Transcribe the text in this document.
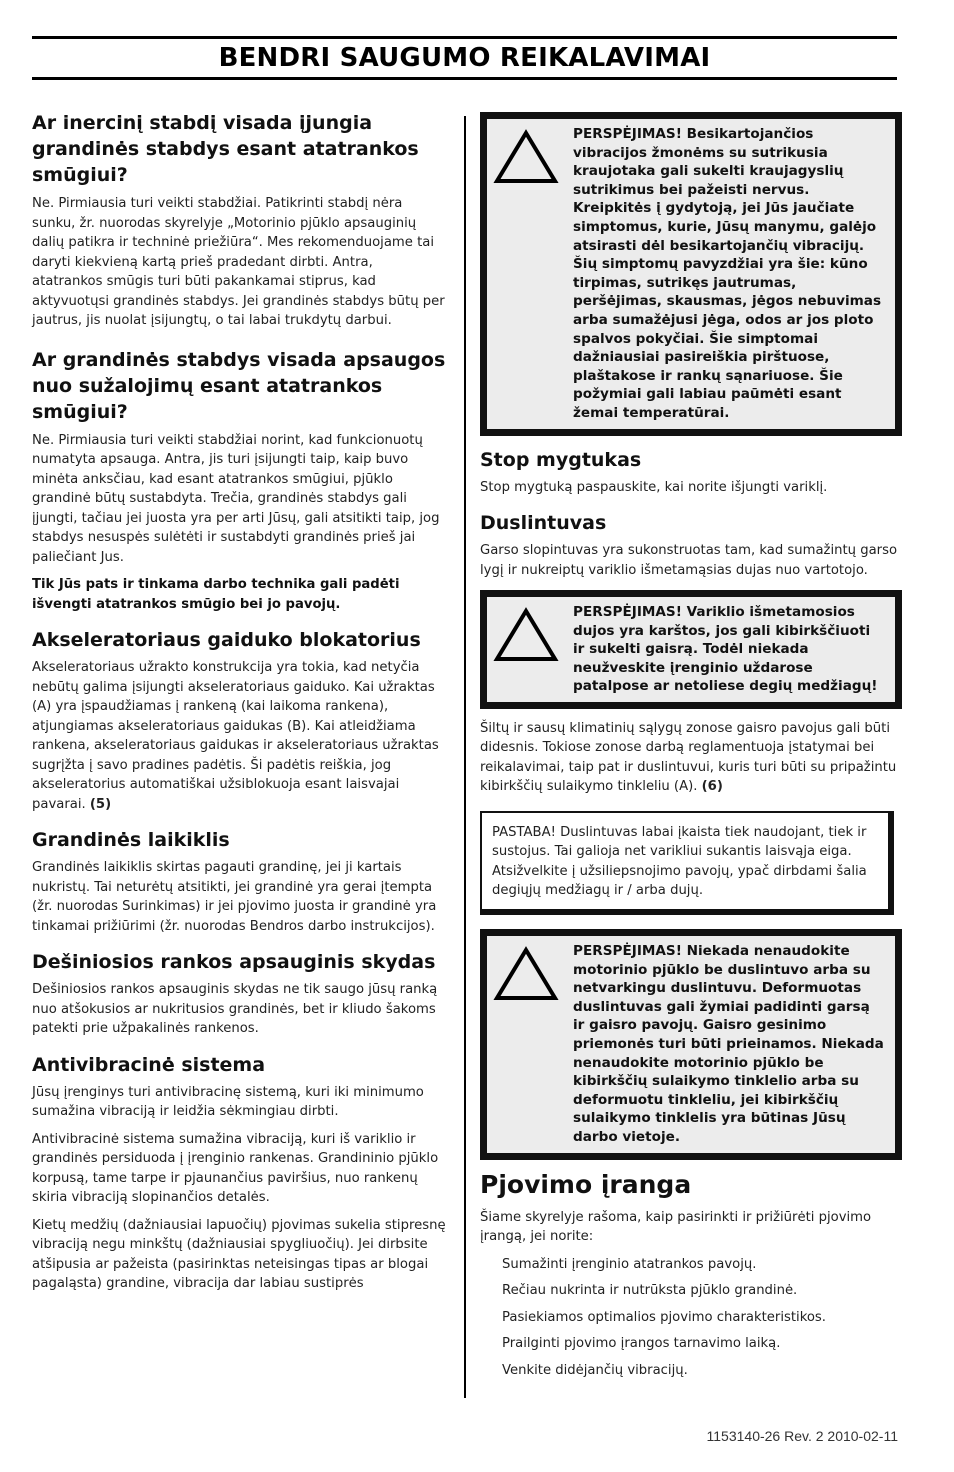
BENDRI SAUGUMO REIKALAVIMAI
Ar inercinį stabdį visada įjungia grandinės stabdys esant atatrankos smūgiui?

Ne. Pirmiausia turi veikti stabdžiai. Patikrinti stabdį nėra sunku, žr. nuorodas skyrelyje „Motorinio pjūklo apsauginių dalių patikra ir techninė priežiūra“. Mes rekomenduojame tai daryti kiekvieną kartą prieš pradedant dirbti. Antra, atatrankos smūgis turi būti pakankamai stiprus, kad aktyvuotųsi grandinės stabdys. Jei grandinės stabdys būtų per jautrus, jis nuolat įsijungtų, o tai labai trukdytų darbui.

Ar grandinės stabdys visada apsaugos nuo sužalojimų esant atatrankos smūgiui?

Ne. Pirmiausia turi veikti stabdžiai norint, kad funkcionuotų numatyta apsauga. Antra, jis turi įsijungti taip, kaip buvo minėta anksčiau, kad esant atatrankos smūgiui, pjūklo grandinė būtų sustabdyta. Trečia, grandinės stabdys gali įjungti, tačiau jei juosta yra per arti Jūsų, gali atsitikti taip, jog stabdys nesuspės sulėtėti ir sustabdyti grandinės prieš jai paliečiant Jus.

Tik Jūs pats ir tinkama darbo technika gali padėti išvengti atatrankos smūgio bei jo pavojų.

Akseleratoriaus gaiduko blokatorius

Akseleratoriaus užrakto konstrukcija yra tokia, kad netyčia nebūtų galima įsijungti akseleratoriaus gaiduko. Kai užraktas (A) yra įspaudžiamas į rankeną (kai laikoma rankena), atjungiamas akseleratoriaus gaidukas (B). Kai atleidžiama rankena, akseleratoriaus gaidukas ir akseleratoriaus užraktas sugrįžta į savo pradines padėtis. Ši padėtis reiškia, jog akseleratorius automatiškai užsiblokuoja esant laisvajai pavarai. (5)

Grandinės laikiklis

Grandinės laikiklis skirtas pagauti grandinę, jei ji kartais nukristų. Tai neturėtų atsitikti, jei grandinė yra gerai įtempta (žr. nuorodas Surinkimas) ir jei pjovimo juosta ir grandinė yra tinkamai prižiūrimi (žr. nuorodas Bendros darbo instrukcijos).

Dešiniosios rankos apsauginis skydas

Dešiniosios rankos apsauginis skydas ne tik saugo jūsų ranką nuo atšokusios ar nukritusios grandinės, bet ir kliudo šakoms patekti prie užpakalinės rankenos.

Antivibracinė sistema

Jūsų įrenginys turi antivibracinę sistemą, kuri iki minimumo sumažina vibraciją ir leidžia sėkmingiau dirbti.

Antivibracinė sistema sumažina vibraciją, kuri iš variklio ir grandinės persiduoda į įrenginio rankenas. Grandininio pjūklo korpusą, tame tarpe ir pjaunančius paviršius, nuo rankenų skiria vibraciją slopinančios detalės.

Kietų medžių (dažniausiai lapuočių) pjovimas sukelia stipresnę vibraciją negu minkštų (dažniausiai spygliuočių). Jei dirbsite atšipusia ar pažeista (pasirinktas neteisingas tipas ar blogai pagaląsta) grandine, vibracija dar labiau sustiprės

PERSPĖJIMAS! Besikartojančios vibracijos žmonėms su sutrikusia kraujotaka gali sukelti kraujagyslių sutrikimus bei pažeisti nervus. Kreipkitės į gydytoją, jei Jūs jaučiate simptomus, kurie, Jūsų manymu, galėjo atsirasti dėl besikartojančių vibracijų. Šių simptomų pavyzdžiai yra šie: kūno tirpimas, sutrikęs jautrumas, peršėjimas, skausmas, jėgos nebuvimas arba sumažėjusi jėga, odos ar jos ploto spalvos pokyčiai. Šie simptomai dažniausiai pasireiškia pirštuose, plaštakose ir rankų sąnariuose. Šie požymiai gali labiau paūmėti esant žemai temperatūrai.
Stop mygtukas

Stop mygtuką paspauskite, kai norite išjungti variklį.

Duslintuvas

Garso slopintuvas yra sukonstruotas tam, kad sumažintų garso lygį ir nukreiptų variklio išmetamąsias dujas nuo vartotojo.

PERSPĖJIMAS! Variklio išmetamosios dujos yra karštos, jos gali kibirkščiuoti ir sukelti gaisrą. Todėl niekada neužveskite įrenginio uždarose patalpose ar netoliese degių medžiagų!

Šiltų ir sausų klimatinių sąlygų zonose gaisro pavojus gali būti didesnis. Tokiose zonose darbą reglamentuoja įstatymai bei reikalavimai, taip pat ir duslintuvui, kuris turi būti su pripažintu kibirkščių sulaikymo tinkleliu (A). (6)

PASTABA! Duslintuvas labai įkaista tiek naudojant, tiek ir sustojus. Tai galioja net varikliui sukantis laisvąja eiga. Atsižvelkite į užsiliepsnojimo pavojų, ypač dirbdami šalia degiųjų medžiagų ir / arba dujų.

PERSPĖJIMAS! Niekada nenaudokite motorinio pjūklo be duslintuvo arba su netvarkingu duslintuvu. Deformuotas duslintuvas gali žymiai padidinti garsą ir gaisro pavojų. Gaisro gesinimo priemonės turi būti prieinamos. Niekada nenaudokite motorinio pjūklo be kibirkščių sulaikymo tinklelio arba su deformuotu tinkleliu, jei kibirkščių sulaikymo tinklelis yra būtinas Jūsų darbo vietoje.
Pjovimo įranga

Šiame skyrelyje rašoma, kaip pasirinkti ir prižiūrėti pjovimo įrangą, jei norite:

Sumažinti įrenginio atatrankos pavojų.
Rečiau nukrinta ir nutrūksta pjūklo grandinė.
Pasiekiamos optimalios pjovimo charakteristikos.
Prailginti pjovimo įrangos tarnavimo laiką.
Venkite didėjančių vibracijų.
1153140-26 Rev. 2 2010-02-11
